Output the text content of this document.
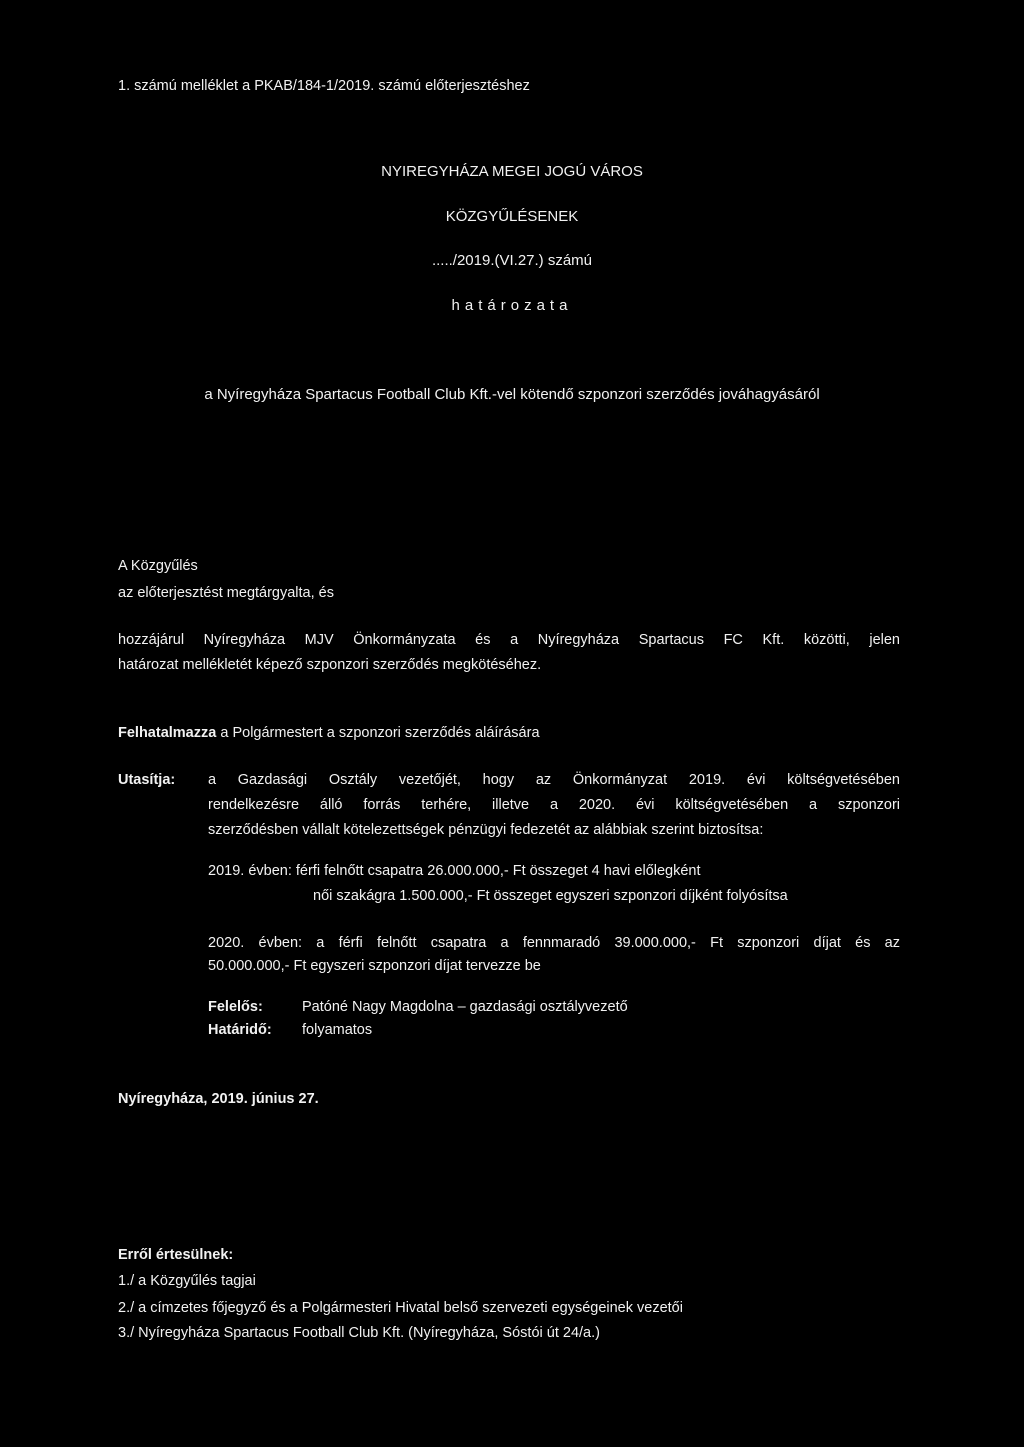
1. számú melléklet a PKAB/184-1/2019. számú előterjesztéshez
NYIREGYHÁZA MEGEI JOGÚ VÁROS
KÖZGYŰLÉSENEK
...../2019.(VI.27.) számú
határozata
a Nyíregyháza Spartacus Football Club Kft.-vel kötendő szponzori szerződés jováhagyásáról
A Közgyűlés
az előterjesztést megtárgyalta, és
hozzájárul Nyíregyháza MJV Önkormányzata és a Nyíregyháza Spartacus FC Kft. közötti, jelen
határozat mellékletét képező szponzori szerződés megkötéséhez.
Felhatalmazza a Polgármestert a szponzori szerződés aláírására
Utasítja: a Gazdasági Osztály vezetőjét, hogy az Önkormányzat 2019. évi költségvetésében
rendelkezésre álló forrás terhére, illetve a 2020. évi költségvetésében a szponzori
szerződésben vállalt kötelezettségek pénzügyi fedezetét az alábbiak szerint biztosítsa:
2019. évben: férfi felnőtt csapatra 26.000.000,- Ft összeget 4 havi előlegként
női szakágra 1.500.000,- Ft összeget egyszeri szponzori díjként folyósítsa
2020. évben: a férfi felnőtt csapatra a fennmaradó 39.000.000,- Ft szponzori díjat és az
50.000.000,- Ft egyszeri szponzori díjat tervezze be
Felelős:	Patóné Nagy Magdolna – gazdasági osztályvezető
Határidő: folyamatos
Nyíregyháza, 2019. június 27.
Erről értesülnek:
1./ a Közgyűlés tagjai
2./ a címzetes főjegyző és a Polgármesteri Hivatal belső szervezeti egységeinek vezetői
3./ Nyíregyháza Spartacus Football Club Kft. (Nyíregyháza, Sóstói út 24/a.)
